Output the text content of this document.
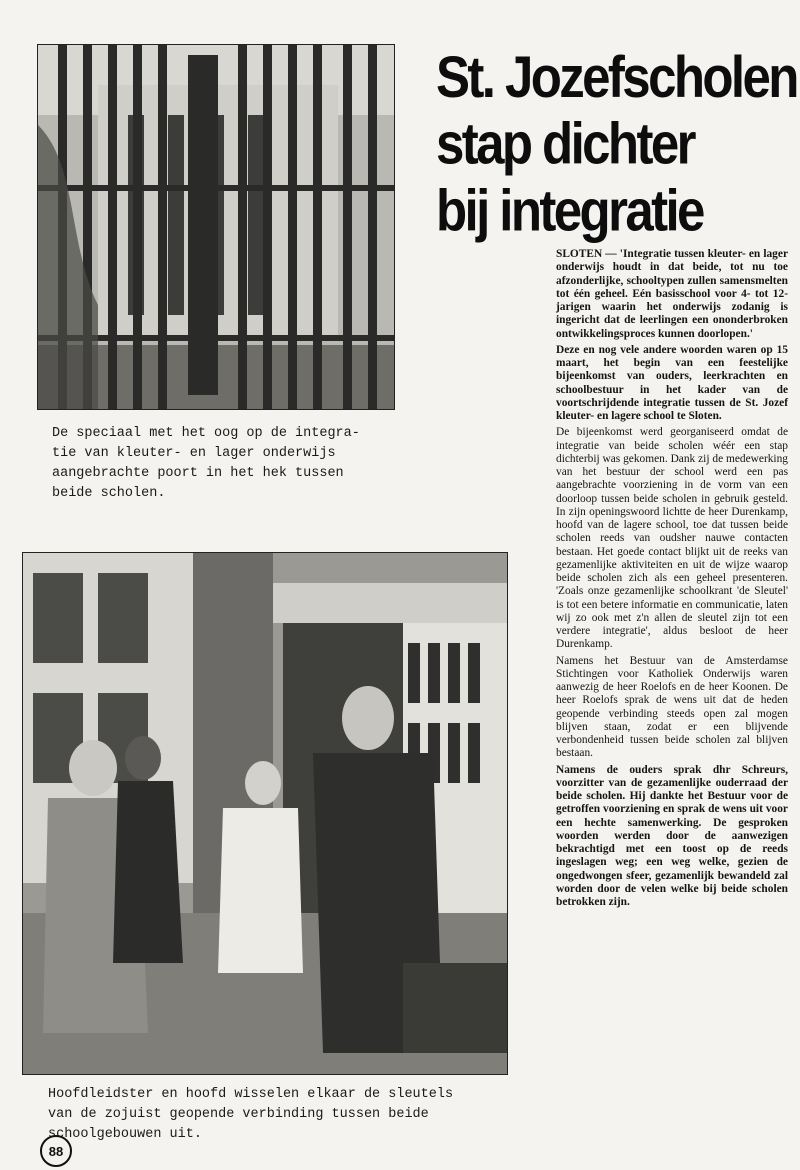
De speciaal met het oog op de integra-
tie van kleuter- en lager onderwijs
aangebrachte poort in het hek tussen
beide scholen.
St. Jozefscholen
stap dichter
bij integratie

SLOTEN — 'Integratie tussen kleuter- en lager onderwijs houdt in dat beide, tot nu toe afzonderlijke, schooltypen zullen samensmelten tot één geheel. Eén basisschool voor 4- tot 12-jarigen waarin het onderwijs zodanig is ingericht dat de leerlingen een ononderbroken ontwikkelingsproces kunnen doorlopen.'

Deze en nog vele andere woorden waren op 15 maart, het begin van een feestelijke bijeenkomst van ouders, leerkrachten en schoolbestuur in het kader van de voortschrijdende integratie tussen de St. Jozef kleuter- en lagere school te Sloten.

De bijeenkomst werd georganiseerd omdat de integratie van beide scholen wéér een stap dichterbij was gekomen. Dank zij de medewerking van het bestuur der school werd een pas aangebrachte voorziening in de vorm van een doorloop tussen beide scholen in gebruik gesteld. In zijn openingswoord lichtte de heer Durenkamp, hoofd van de lagere school, toe dat tussen beide scholen reeds van oudsher nauwe contacten bestaan. Het goede contact blijkt uit de reeks van gezamenlijke aktiviteiten en uit de wijze waarop beide scholen zich als een geheel presenteren. 'Zoals onze gezamenlijke schoolkrant 'de Sleutel' is tot een betere informatie en communicatie, laten wij zo ook met z'n allen de sleutel zijn tot een verdere integratie', aldus besloot de heer Durenkamp.

Namens het Bestuur van de Amsterdamse Stichtingen voor Katholiek Onderwijs waren aanwezig de heer Roelofs en de heer Koonen. De heer Roelofs sprak de wens uit dat de heden geopende verbinding steeds open zal mogen blijven staan, zodat er een blijvende verbondenheid tussen beide scholen zal blijven bestaan.

Namens de ouders sprak dhr Schreurs, voorzitter van de gezamenlijke ouderraad der beide scholen. Hij dankte het Bestuur voor de getroffen voorziening en sprak de wens uit voor een hechte samenwerking. De gesproken woorden werden door de aanwezigen bekrachtigd met een toost op de reeds ingeslagen weg; een weg welke, gezien de ongedwongen sfeer, gezamenlijk bewandeld zal worden door de velen welke bij beide scholen betrokken zijn.

Hoofdleidster en hoofd wisselen elkaar de sleutels
van de zojuist geopende verbinding tussen beide
schoolgebouwen uit.
88
